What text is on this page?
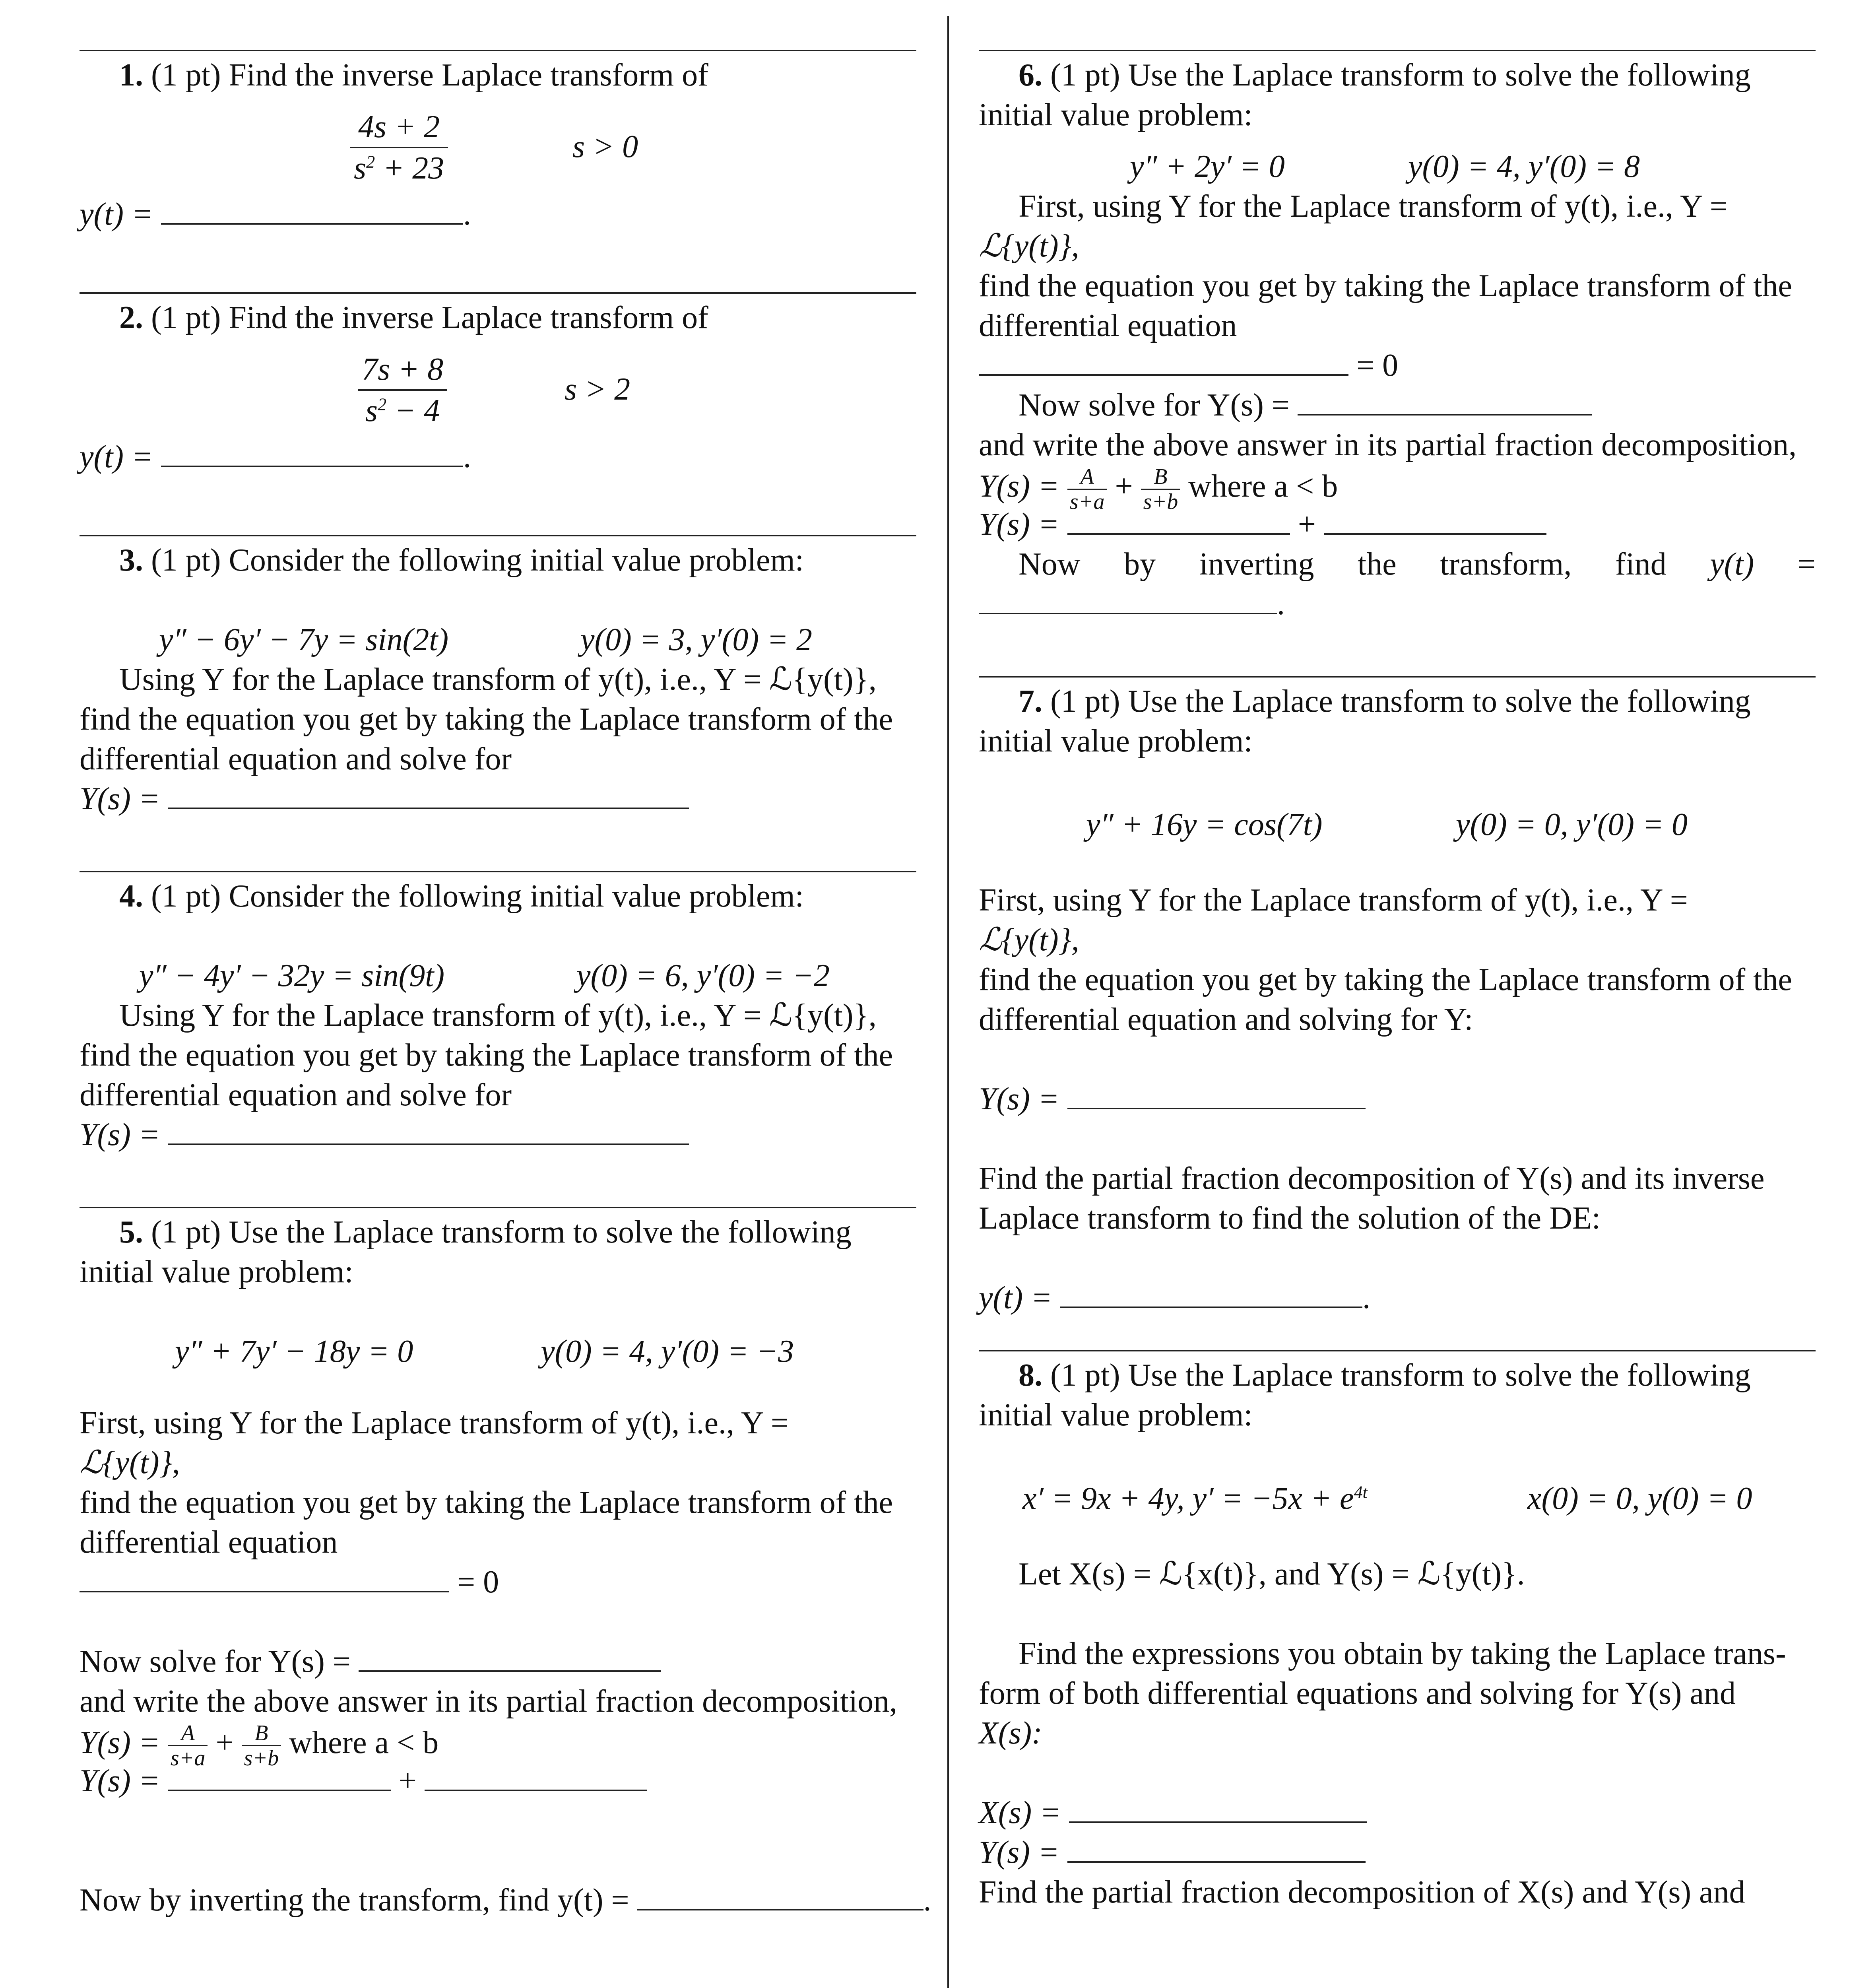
1. (1 pt) Find the inverse Laplace transform of
$\frac{4s + 2}{s^2 + 23}$	s > 0
y(t) =	.
2. (1 pt) Find the inverse Laplace transform of
$\frac{7s + 8}{s^2 - 4}$	s > 2
y(t) =	.
3. (1 pt) Consider the following initial value problem:
y″ − 6y′ − 7y = sin(2t)	y(0) = 3, y′(0) = 2
Using Y for the Laplace transform of y(t), i.e., Y = ℒ{y(t)},
find the equation you get by taking the Laplace transform of the
differential equation and solve for
Y(s) =
4. (1 pt) Consider the following initial value problem:
y″ − 4y′ − 32y = sin(9t)	y(0) = 6, y′(0) = −2
Using Y for the Laplace transform of y(t), i.e., Y = ℒ{y(t)},
find the equation you get by taking the Laplace transform of the
differential equation and solve for
Y(s) =
5. (1 pt) Use the Laplace transform to solve the following
initial value problem:
y″ + 7y′ − 18y = 0	y(0) = 4, y′(0) = −3
First, using Y for the Laplace transform of y(t), i.e., Y =
ℒ{y(t)},
find the equation you get by taking the Laplace transform of the
differential equation
= 0
Now solve for Y(s) =
and write the above answer in its partial fraction decomposition,
$Y(s) = \frac{A}{s+a} + \frac{B}{s+b}$ where a < b
Y(s) =	+
Now by inverting the transform, find y(t) =	.
6. (1 pt) Use the Laplace transform to solve the following
initial value problem:
y″ + 2y′ = 0	y(0) = 4, y′(0) = 8
First, using Y for the Laplace transform of y(t), i.e., Y =
ℒ{y(t)},
find the equation you get by taking the Laplace transform of the
differential equation
= 0
Now solve for Y(s) =
and write the above answer in its partial fraction decomposition,
$Y(s) = \frac{A}{s+a} + \frac{B}{s+b}$ where a < b
Y(s) =	+
Now by inverting the transform, find y(t) =
.
7. (1 pt) Use the Laplace transform to solve the following
initial value problem:
y″ + 16y = cos(7t)	y(0) = 0, y′(0) = 0
First, using Y for the Laplace transform of y(t), i.e., Y =
ℒ{y(t)},
find the equation you get by taking the Laplace transform of the
differential equation and solving for Y:
Y(s) =
Find the partial fraction decomposition of Y(s) and its inverse
Laplace transform to find the solution of the DE:
y(t) =	.
8. (1 pt) Use the Laplace transform to solve the following
initial value problem:
x′ = 9x + 4y, $y' = -5x + e^{4t}$	x(0) = 0, y(0) = 0
Let X(s) = ℒ{x(t)}, and Y(s) = ℒ{y(t)}.
Find the expressions you obtain by taking the Laplace trans-
form of both differential equations and solving for Y(s) and
X(s):
X(s) =
Y(s) =
Find the partial fraction decomposition of X(s) and Y(s) and
